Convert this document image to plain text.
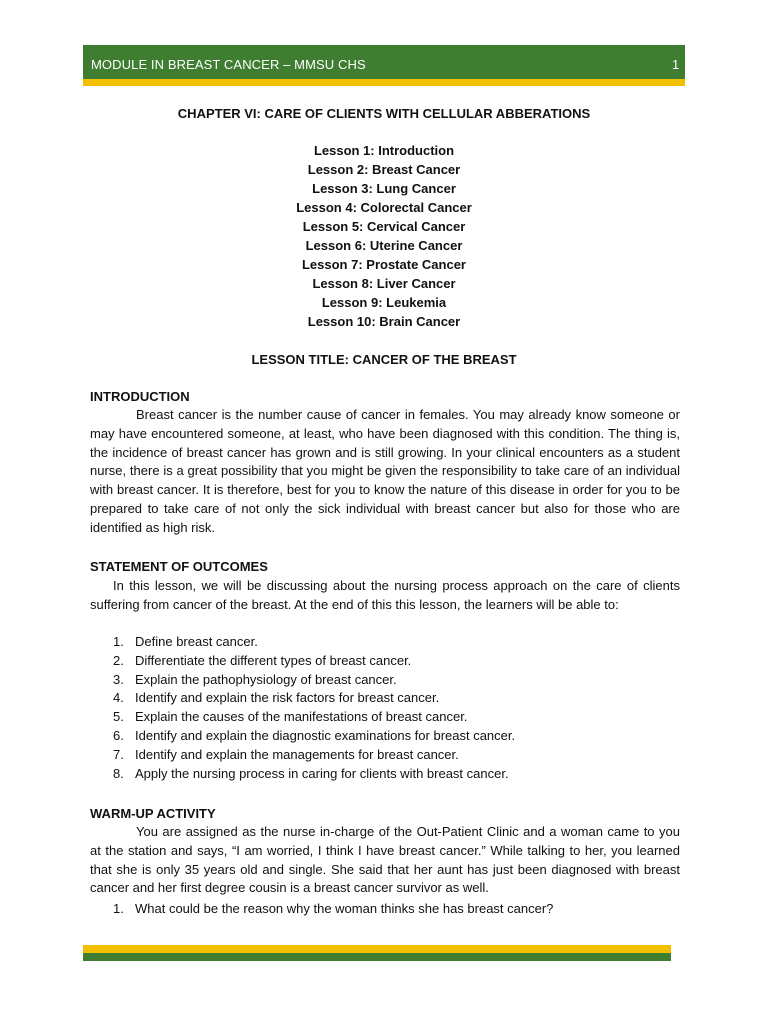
MODULE IN BREAST CANCER – MMSU CHS	1
CHAPTER VI: CARE OF CLIENTS WITH CELLULAR ABBERATIONS
Lesson 1: Introduction
Lesson 2: Breast Cancer
Lesson 3: Lung Cancer
Lesson 4: Colorectal Cancer
Lesson 5: Cervical Cancer
Lesson 6: Uterine Cancer
Lesson 7: Prostate Cancer
Lesson 8: Liver Cancer
Lesson 9: Leukemia
Lesson 10: Brain Cancer
LESSON TITLE: CANCER OF THE BREAST
INTRODUCTION
Breast cancer is the number cause of cancer in females. You may already know someone or may have encountered someone, at least, who have been diagnosed with this condition. The thing is, the incidence of breast cancer has grown and is still growing. In your clinical encounters as a student nurse, there is a great possibility that you might be given the responsibility to take care of an individual with breast cancer. It is therefore, best for you to know the nature of this disease in order for you to be prepared to take care of not only the sick individual with breast cancer but also for those who are identified as high risk.
STATEMENT OF OUTCOMES
In this lesson, we will be discussing about the nursing process approach on the care of clients suffering from cancer of the breast. At the end of this this lesson, the learners will be able to:
1. Define breast cancer.
2. Differentiate the different types of breast cancer.
3. Explain the pathophysiology of breast cancer.
4. Identify and explain the risk factors for breast cancer.
5. Explain the causes of the manifestations of breast cancer.
6. Identify and explain the diagnostic examinations for breast cancer.
7. Identify and explain the managements for breast cancer.
8. Apply the nursing process in caring for clients with breast cancer.
WARM-UP ACTIVITY
You are assigned as the nurse in-charge of the Out-Patient Clinic and a woman came to you at the station and says, “I am worried, I think I have breast cancer.” While talking to her, you learned that she is only 35 years old and single. She said that her aunt has just been diagnosed with breast cancer and her first degree cousin is a breast cancer survivor as well.
1. What could be the reason why the woman thinks she has breast cancer?
